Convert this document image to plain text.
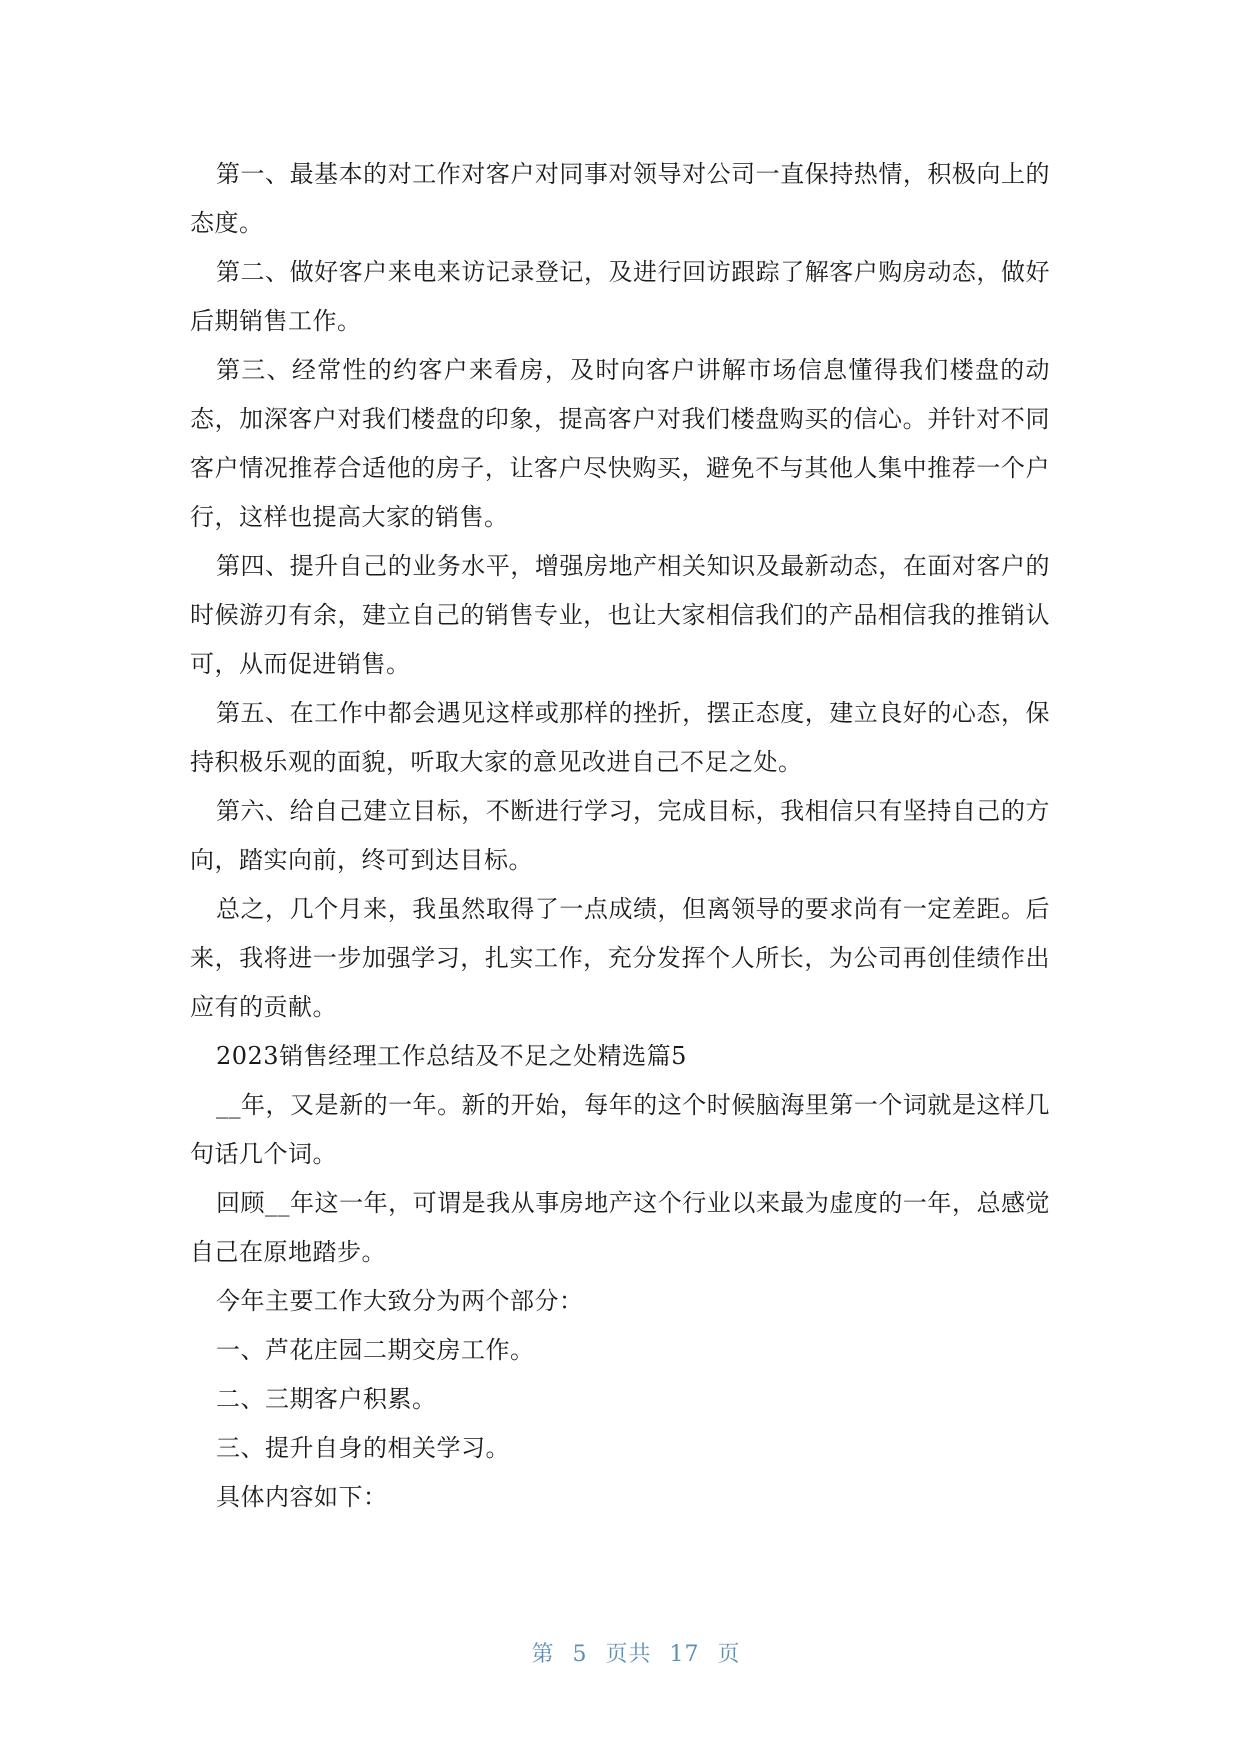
第一、最基本的对工作对客户对同事对领导对公司一直保持热情，积极向上的态度。

第二、做好客户来电来访记录登记，及进行回访跟踪了解客户购房动态，做好后期销售工作。

第三、经常性的约客户来看房，及时向客户讲解市场信息懂得我们楼盘的动态，加深客户对我们楼盘的印象，提高客户对我们楼盘购买的信心。并针对不同客户情况推荐合适他的房子，让客户尽快购买，避免不与其他人集中推荐一个户行，这样也提高大家的销售。

第四、提升自己的业务水平，增强房地产相关知识及最新动态，在面对客户的时候游刃有余，建立自己的销售专业，也让大家相信我们的产品相信我的推销认可，从而促进销售。

第五、在工作中都会遇见这样或那样的挫折，摆正态度，建立良好的心态，保持积极乐观的面貌，听取大家的意见改进自己不足之处。

第六、给自己建立目标，不断进行学习，完成目标，我相信只有坚持自己的方向，踏实向前，终可到达目标。

总之，几个月来，我虽然取得了一点成绩，但离领导的要求尚有一定差距。后来，我将进一步加强学习，扎实工作，充分发挥个人所长，为公司再创佳绩作出应有的贡献。

2023销售经理工作总结及不足之处精选篇5

__年，又是新的一年。新的开始，每年的这个时候脑海里第一个词就是这样几句话几个词。

回顾__年这一年，可谓是我从事房地产这个行业以来最为虚度的一年，总感觉自己在原地踏步。

今年主要工作大致分为两个部分：

一、芦花庄园二期交房工作。

二、三期客户积累。

三、提升自身的相关学习。

具体内容如下：

第 5 页共 17 页
